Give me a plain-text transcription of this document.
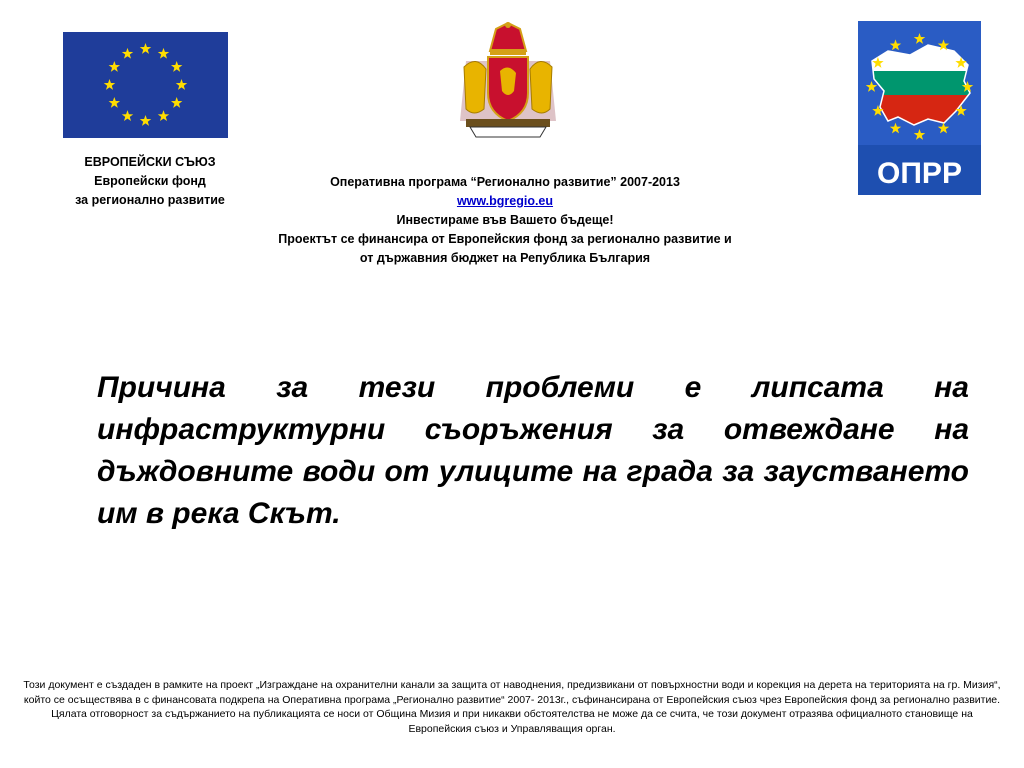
ОПРР
ЕВРОПЕЙСКИ СЪЮЗ
Европейски фонд
за регионално развитие
Оперативна програма “Регионално развитие” 2007-2013
www.bgregio.eu
Инвестираме във Вашето бъдеще!
Проектът се финансира от Европейския фонд за регионално развитие и
от държавния бюджет на Република България
Причина за тези проблеми е липсата на инфраструктурни съоръжения за отвеждане на дъждовните води от улиците на града за заустването им в река Скът.
Този документ е създаден в рамките на проект „Изграждане на охранителни канали за защита от наводнения, предизвикани от повърхностни води и корекция на дерета на територията на гр. Мизия“, който се осъществява в с финансовата подкрепа на Оперативна програма „Регионално развитие“ 2007- 2013г., съфинансирана от Европейския съюз чрез Европейския фонд за регионално развитие. Цялата отговорност за съдържанието на публикацията се носи от Община Мизия и при никакви обстоятелства не може да се счита, че този документ отразява официалното становище на Европейския съюз и Управляващия орган.
